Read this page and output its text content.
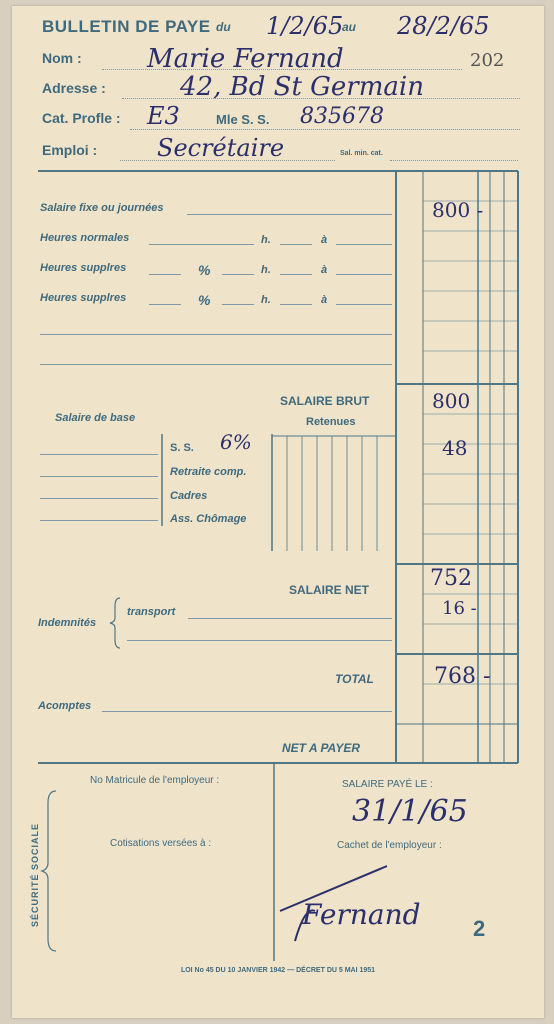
BULLETIN DE PAYE du 1/2/65
au 28/2/65
202
Nom :	Marie Fernand
Adresse :	42, Bd St Germain
Cat. Profle : E3	Mle S. S. 835678
Emploi : Secrétaire	Sal. min. cat.
Salaire fixe ou journées	800 -
Heures normales	h.	à
Heures supplres	%	h.	à
Heures supplres	%	h.	à
SALAIRE BRUT	800
Salaire de base	Retenues
S. S. 6%	48
Retraite comp.
Cadres
Ass. Chômage
SALAIRE NET	752
Indemnités
transport	16 -
TOTAL	768 -
Acomptes
NET A PAYER
SÉCURITÉ SOCIALE
No Matricule de l'employeur :
Cotisations versées à :
SALAIRE PAYÉ LE :
31/1/65
Cachet de l'employeur :
Fernand 2
LOI No 45 DU 10 JANVIER 1942 — DÉCRET DU 5 MAI 1951
